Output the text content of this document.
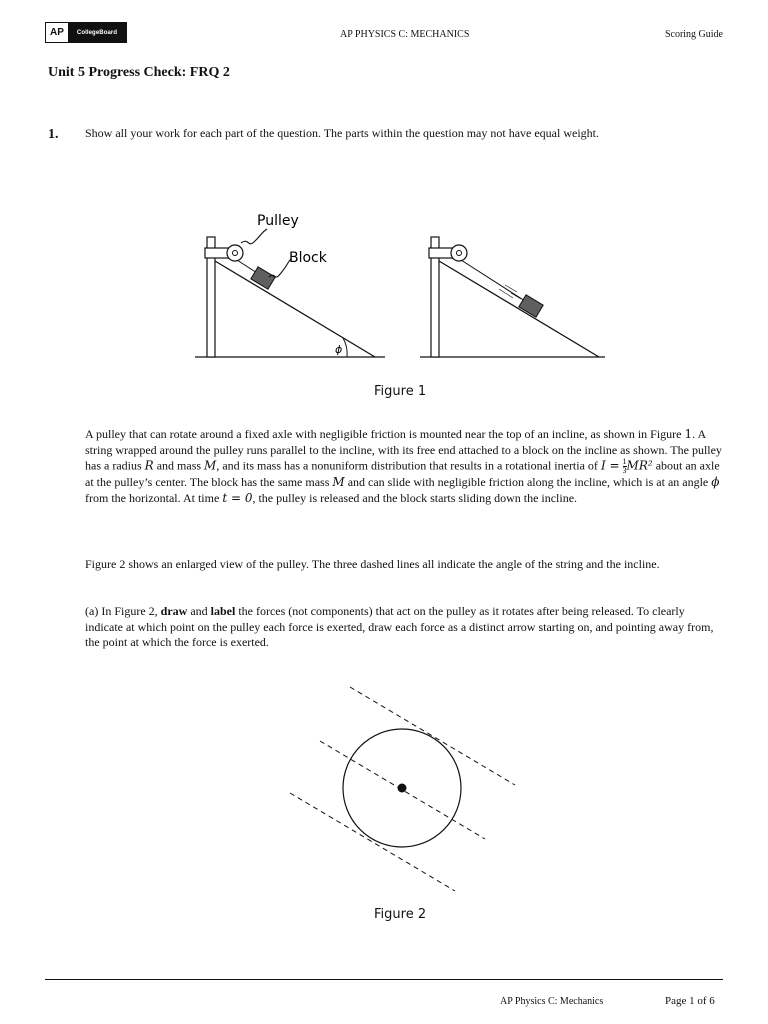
AP	CollegeBoard	AP PHYSICS C: MECHANICS	Scoring Guide
Unit 5 Progress Check: FRQ 2
1. Show all your work for each part of the question. The parts within the question may not have equal weight.
ϕ
Pulley
Block
Figure 1
A pulley that can rotate around a fixed axle with negligible friction is mounted near the top of an incline, as shown in Figure 1. A string wrapped around the pulley runs parallel to the incline, with its free end attached to a block on the incline as shown. The pulley has a radius R and mass M, and its mass has a nonuniform distribution that results in a rotational inertia of $I = \frac{1}{3} MR^2$ about an axle at the pulley’s center. The block has the same mass M and can slide with negligible friction along the incline, which is at an angle ϕ from the horizontal. At time t = 0, the pulley is released and the block starts sliding down the incline.
Figure 2 shows an enlarged view of the pulley. The three dashed lines all indicate the angle of the string and the incline.
(a) In Figure 2, draw and label the forces (not components) that act on the pulley as it rotates after being released. To clearly indicate at which point on the pulley each force is exerted, draw each force as a distinct arrow starting on, and pointing away from, the point at which the force is exerted.
Figure 2
AP Physics C: Mechanics	Page 1 of 6
